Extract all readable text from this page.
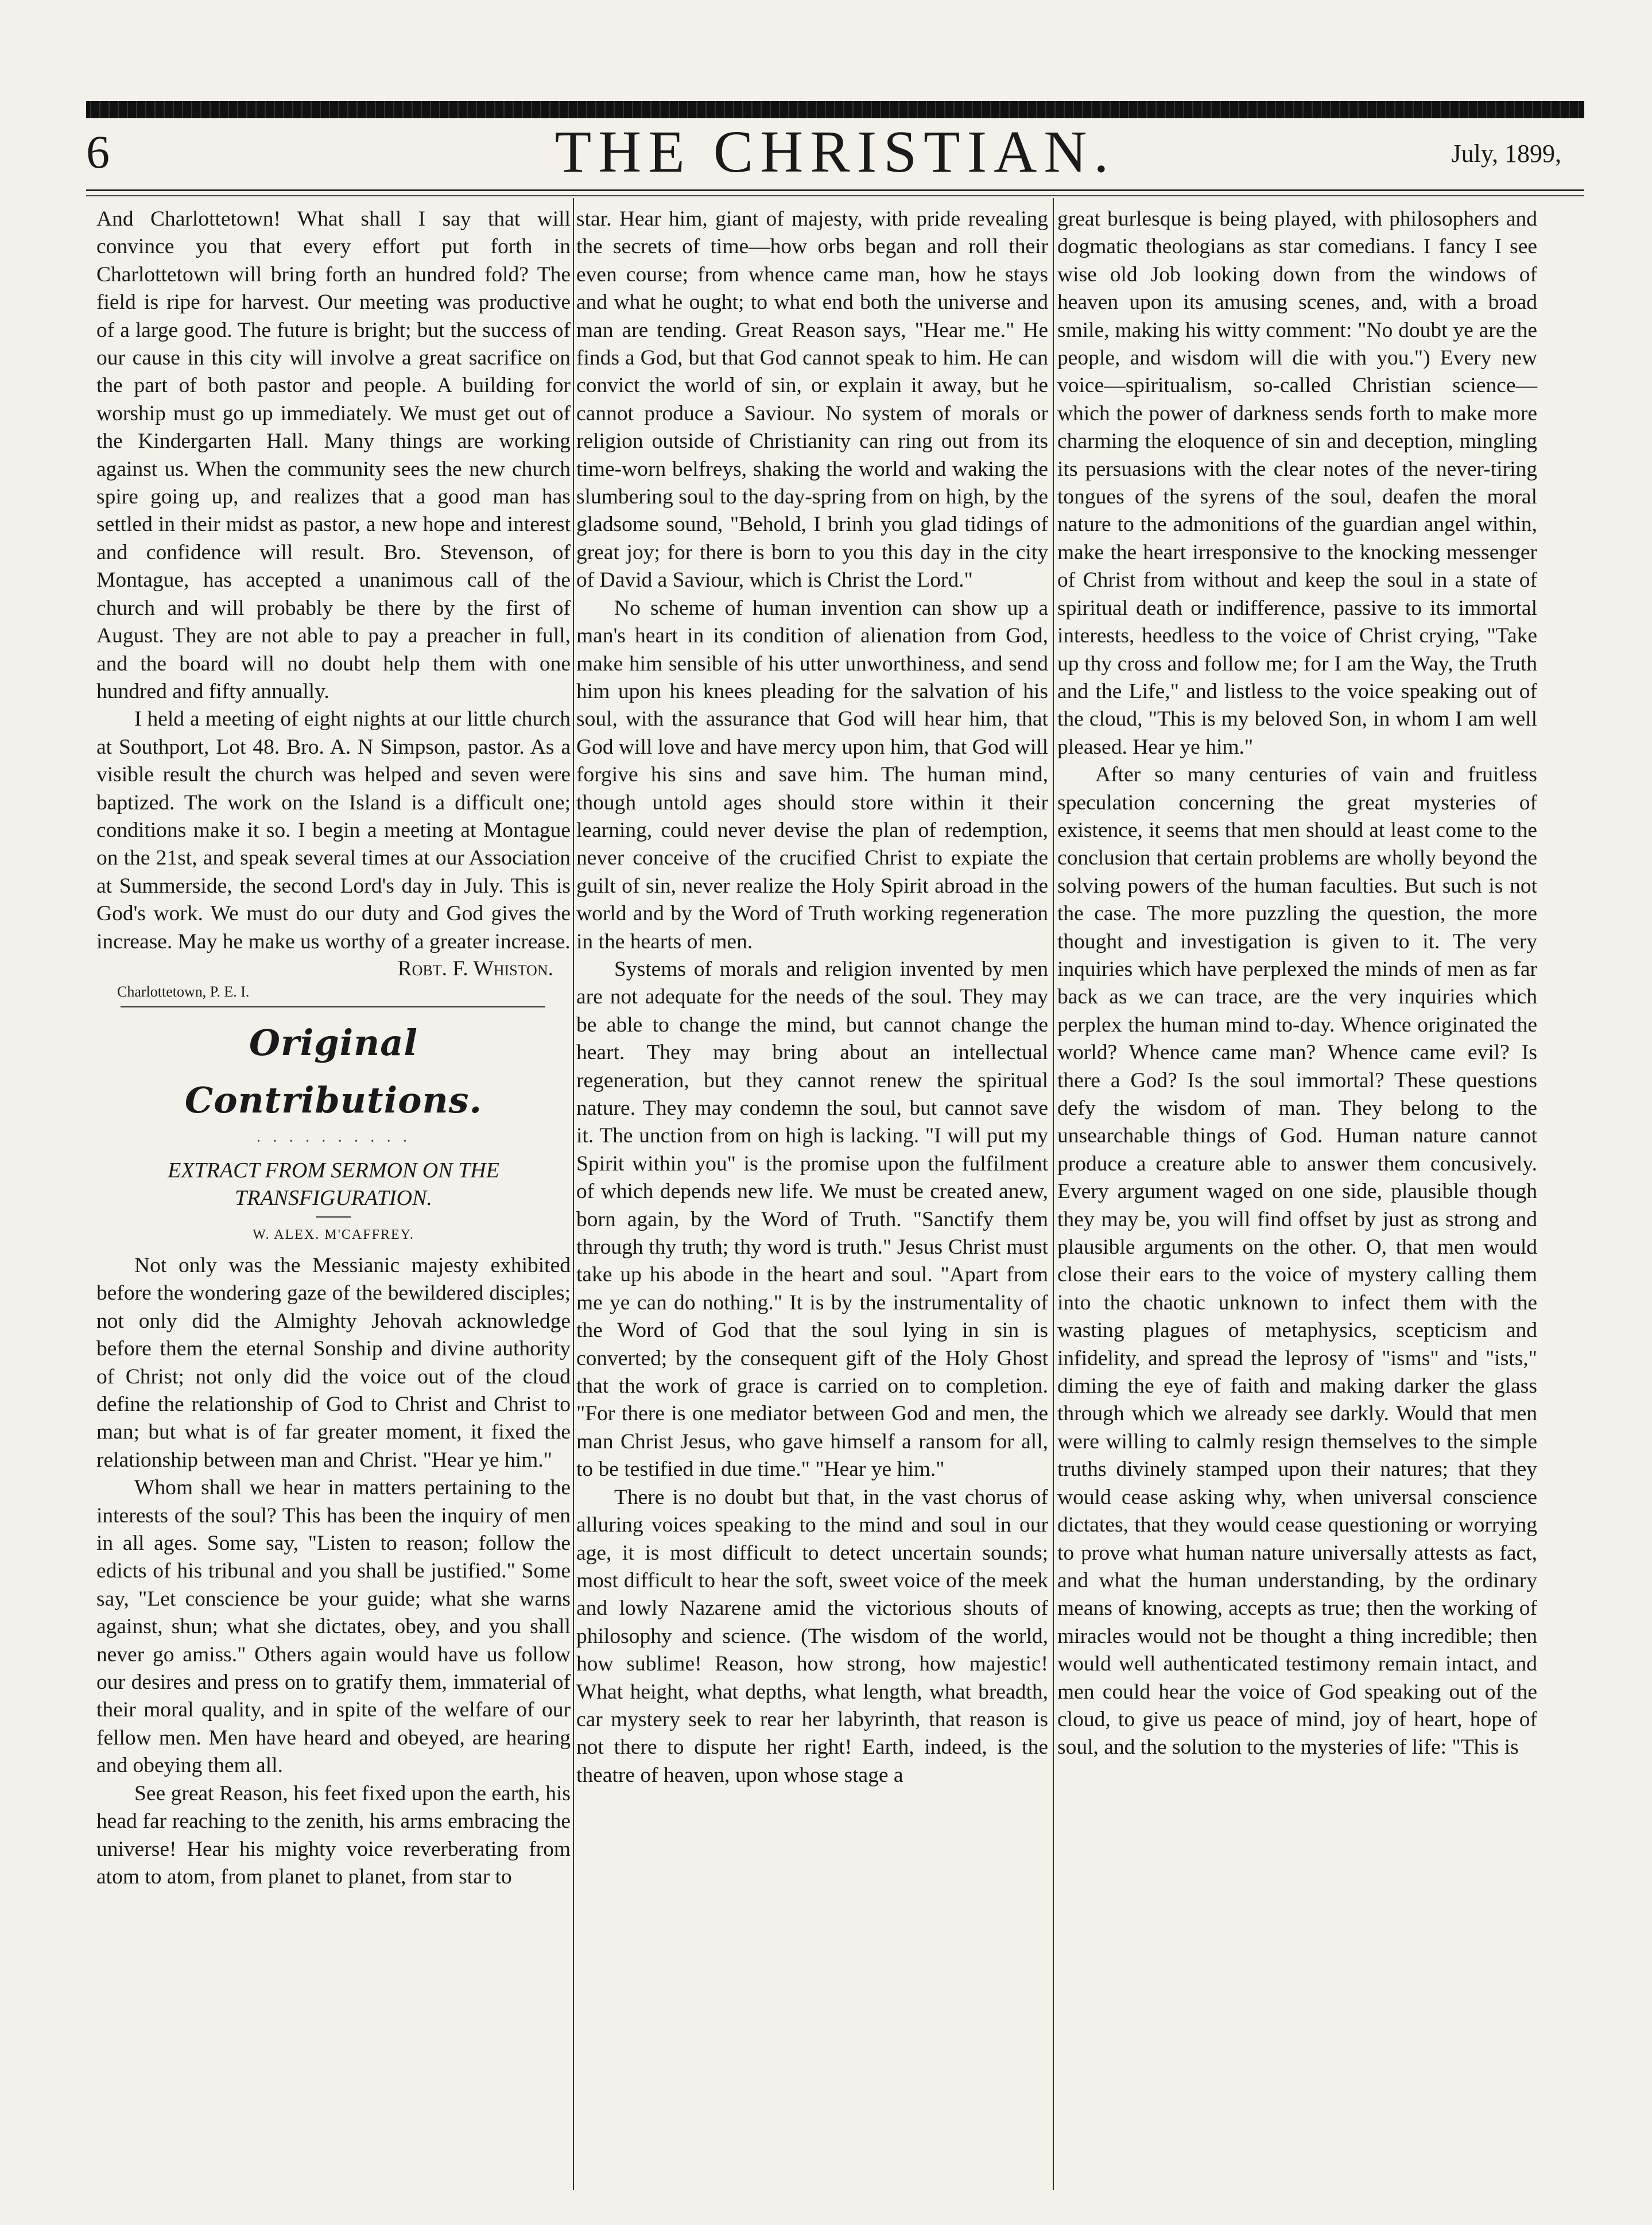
6	THE CHRISTIAN.	July, 1899,

And Charlottetown! What shall I say that will convince you that every effort put forth in Charlottetown will bring forth an hundred fold? The field is ripe for harvest. Our meeting was productive of a large good. The future is bright; but the success of our cause in this city will involve a great sacrifice on the part of both pastor and people. A building for worship must go up immediately. We must get out of the Kindergarten Hall. Many things are working against us. When the community sees the new church spire going up, and realizes that a good man has settled in their midst as pastor, a new hope and interest and confidence will result. Bro. Stevenson, of Montague, has accepted a unanimous call of the church and will probably be there by the first of August. They are not able to pay a preacher in full, and the board will no doubt help them with one hundred and fifty annually.

I held a meeting of eight nights at our little church at Southport, Lot 48. Bro. A. N Simpson, pastor. As a visible result the church was helped and seven were baptized. The work on the Island is a difficult one; conditions make it so. I begin a meeting at Montague on the 21st, and speak several times at our Association at Summerside, the second Lord's day in July. This is God's work. We must do our duty and God gives the increase. May he make us worthy of a greater increase.

Robt. F. Whiston.
Charlottetown, P. E. I.
Original Contributions.
· · · · · · · · · ·
EXTRACT FROM SERMON ON THE TRANSFIGURATION.
W. ALEX. M'CAFFREY.

Not only was the Messianic majesty exhibited before the wondering gaze of the bewildered disciples; not only did the Almighty Jehovah acknowledge before them the eternal Sonship and divine authority of Christ; not only did the voice out of the cloud define the relationship of God to Christ and Christ to man; but what is of far greater moment, it fixed the relationship between man and Christ. "Hear ye him."

Whom shall we hear in matters pertaining to the interests of the soul? This has been the inquiry of men in all ages. Some say, "Listen to reason; follow the edicts of his tribunal and you shall be justified." Some say, "Let conscience be your guide; what she warns against, shun; what she dictates, obey, and you shall never go amiss." Others again would have us follow our desires and press on to gratify them, immaterial of their moral quality, and in spite of the welfare of our fellow men. Men have heard and obeyed, are hearing and obeying them all.

See great Reason, his feet fixed upon the earth, his head far reaching to the zenith, his arms embracing the universe! Hear his mighty voice reverberating from atom to atom, from planet to planet, from star to

star. Hear him, giant of majesty, with pride revealing the secrets of time—how orbs began and roll their even course; from whence came man, how he stays and what he ought; to what end both the universe and man are tending. Great Reason says, "Hear me." He finds a God, but that God cannot speak to him. He can convict the world of sin, or explain it away, but he cannot produce a Saviour. No system of morals or religion outside of Christianity can ring out from its time-worn belfreys, shaking the world and waking the slumbering soul to the day-spring from on high, by the gladsome sound, "Behold, I brinh you glad tidings of great joy; for there is born to you this day in the city of David a Saviour, which is Christ the Lord."

No scheme of human invention can show up a man's heart in its condition of alienation from God, make him sensible of his utter unworthiness, and send him upon his knees pleading for the salvation of his soul, with the assurance that God will hear him, that God will love and have mercy upon him, that God will forgive his sins and save him. The human mind, though untold ages should store within it their learning, could never devise the plan of redemption, never conceive of the crucified Christ to expiate the guilt of sin, never realize the Holy Spirit abroad in the world and by the Word of Truth working regeneration in the hearts of men.

Systems of morals and religion invented by men are not adequate for the needs of the soul. They may be able to change the mind, but cannot change the heart. They may bring about an intellectual regeneration, but they cannot renew the spiritual nature. They may condemn the soul, but cannot save it. The unction from on high is lacking. "I will put my Spirit within you" is the promise upon the fulfilment of which depends new life. We must be created anew, born again, by the Word of Truth. "Sanctify them through thy truth; thy word is truth." Jesus Christ must take up his abode in the heart and soul. "Apart from me ye can do nothing." It is by the instrumentality of the Word of God that the soul lying in sin is converted; by the consequent gift of the Holy Ghost that the work of grace is carried on to completion. "For there is one mediator between God and men, the man Christ Jesus, who gave himself a ransom for all, to be testified in due time." "Hear ye him."

There is no doubt but that, in the vast chorus of alluring voices speaking to the mind and soul in our age, it is most difficult to detect uncertain sounds; most difficult to hear the soft, sweet voice of the meek and lowly Nazarene amid the victorious shouts of philosophy and science. (The wisdom of the world, how sublime! Reason, how strong, how majestic! What height, what depths, what length, what breadth, car mystery seek to rear her labyrinth, that reason is not there to dispute her right! Earth, indeed, is the theatre of heaven, upon whose stage a

great burlesque is being played, with philosophers and dogmatic theologians as star comedians. I fancy I see wise old Job looking down from the windows of heaven upon its amusing scenes, and, with a broad smile, making his witty comment: "No doubt ye are the people, and wisdom will die with you.") Every new voice—spiritualism, so-called Christian science—which the power of darkness sends forth to make more charming the eloquence of sin and deception, mingling its persuasions with the clear notes of the never-tiring tongues of the syrens of the soul, deafen the moral nature to the admonitions of the guardian angel within, make the heart irresponsive to the knocking messenger of Christ from without and keep the soul in a state of spiritual death or indifference, passive to its immortal interests, heedless to the voice of Christ crying, "Take up thy cross and follow me; for I am the Way, the Truth and the Life," and listless to the voice speaking out of the cloud, "This is my beloved Son, in whom I am well pleased. Hear ye him."

After so many centuries of vain and fruitless speculation concerning the great mysteries of existence, it seems that men should at least come to the conclusion that certain problems are wholly beyond the solving powers of the human faculties. But such is not the case. The more puzzling the question, the more thought and investigation is given to it. The very inquiries which have perplexed the minds of men as far back as we can trace, are the very inquiries which perplex the human mind to-day. Whence originated the world? Whence came man? Whence came evil? Is there a God? Is the soul immortal? These questions defy the wisdom of man. They belong to the unsearchable things of God. Human nature cannot produce a creature able to answer them concusively. Every argument waged on one side, plausible though they may be, you will find offset by just as strong and plausible arguments on the other. O, that men would close their ears to the voice of mystery calling them into the chaotic unknown to infect them with the wasting plagues of metaphysics, scepticism and infidelity, and spread the leprosy of "isms" and "ists," diming the eye of faith and making darker the glass through which we already see darkly. Would that men were willing to calmly resign themselves to the simple truths divinely stamped upon their natures; that they would cease asking why, when universal conscience dictates, that they would cease questioning or worrying to prove what human nature universally attests as fact, and what the human understanding, by the ordinary means of knowing, accepts as true; then the working of miracles would not be thought a thing incredible; then would well authenticated testimony remain intact, and men could hear the voice of God speaking out of the cloud, to give us peace of mind, joy of heart, hope of soul, and the solution to the mysteries of life: "This is
